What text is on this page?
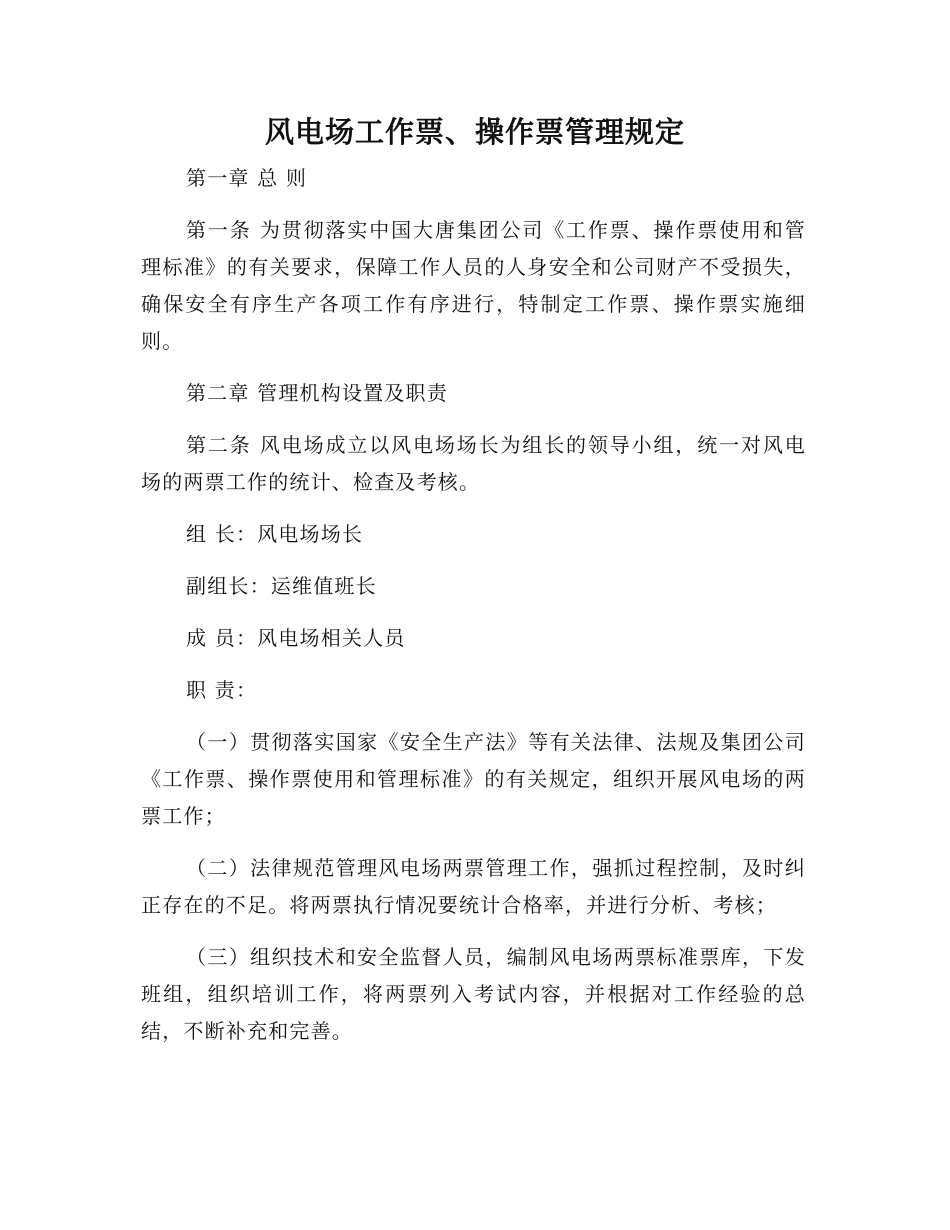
风电场工作票、操作票管理规定

第一章 总 则

第一条 为贯彻落实中国大唐集团公司《工作票、操作票使用和管理标准》的有关要求，保障工作人员的人身安全和公司财产不受损失，确保安全有序生产各项工作有序进行，特制定工作票、操作票实施细则。

第二章 管理机构设置及职责

第二条 风电场成立以风电场场长为组长的领导小组，统一对风电场的两票工作的统计、检查及考核。

组 长：风电场场长

副组长：运维值班长

成 员：风电场相关人员

职 责：

（一）贯彻落实国家《安全生产法》等有关法律、法规及集团公司《工作票、操作票使用和管理标准》的有关规定，组织开展风电场的两票工作；

（二）法律规范管理风电场两票管理工作，强抓过程控制，及时纠正存在的不足。将两票执行情况要统计合格率，并进行分析、考核；

（三）组织技术和安全监督人员，编制风电场两票标准票库，下发班组，组织培训工作，将两票列入考试内容，并根据对工作经验的总结，不断补充和完善。
